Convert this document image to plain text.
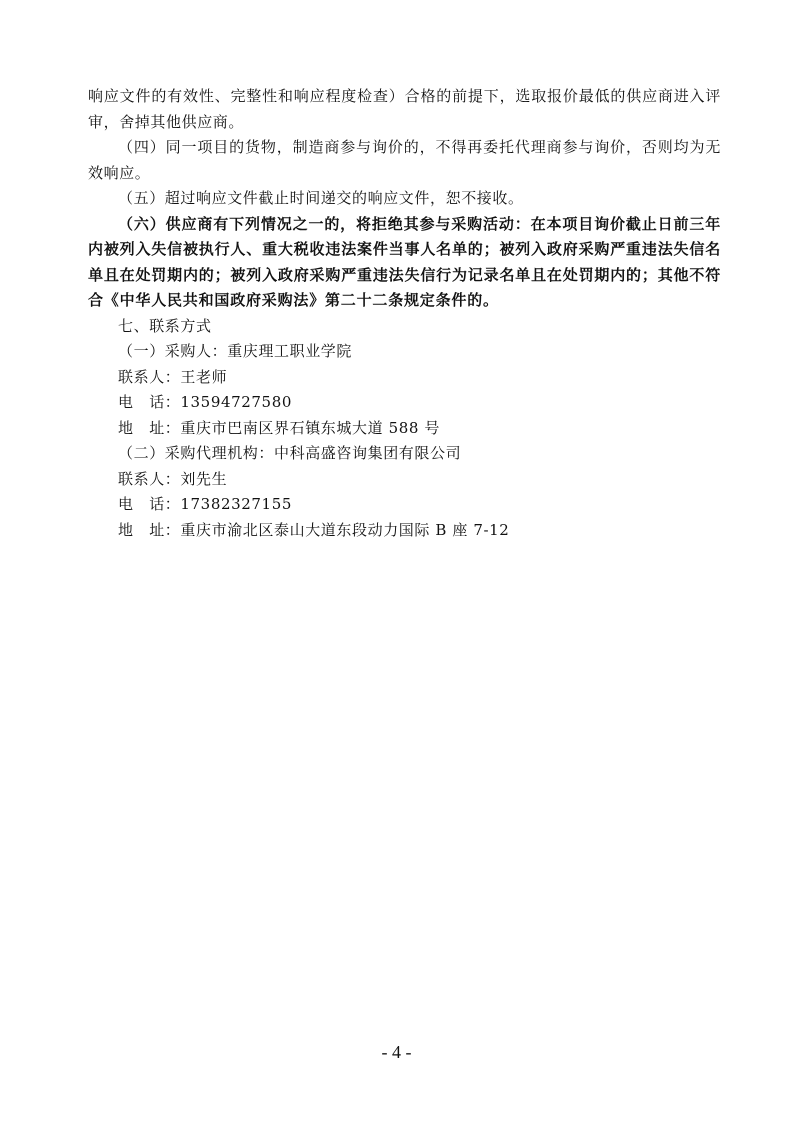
响应文件的有效性、完整性和响应程度检查）合格的前提下，选取报价最低的供应商进入评审，舍掉其他供应商。

（四）同一项目的货物，制造商参与询价的，不得再委托代理商参与询价，否则均为无效响应。

（五）超过响应文件截止时间递交的响应文件，恕不接收。

（六）供应商有下列情况之一的，将拒绝其参与采购活动：在本项目询价截止日前三年内被列入失信被执行人、重大税收违法案件当事人名单的；被列入政府采购严重违法失信名单且在处罚期内的；被列入政府采购严重违法失信行为记录名单且在处罚期内的；其他不符合《中华人民共和国政府采购法》第二十二条规定条件的。

七、联系方式

（一）采购人：重庆理工职业学院

联系人：王老师

电　话：13594727580

地　址：重庆市巴南区界石镇东城大道 588 号

（二）采购代理机构：中科高盛咨询集团有限公司

联系人：刘先生

电　话：17382327155

地　址：重庆市渝北区泰山大道东段动力国际 B 座 7-12

- 4 -
